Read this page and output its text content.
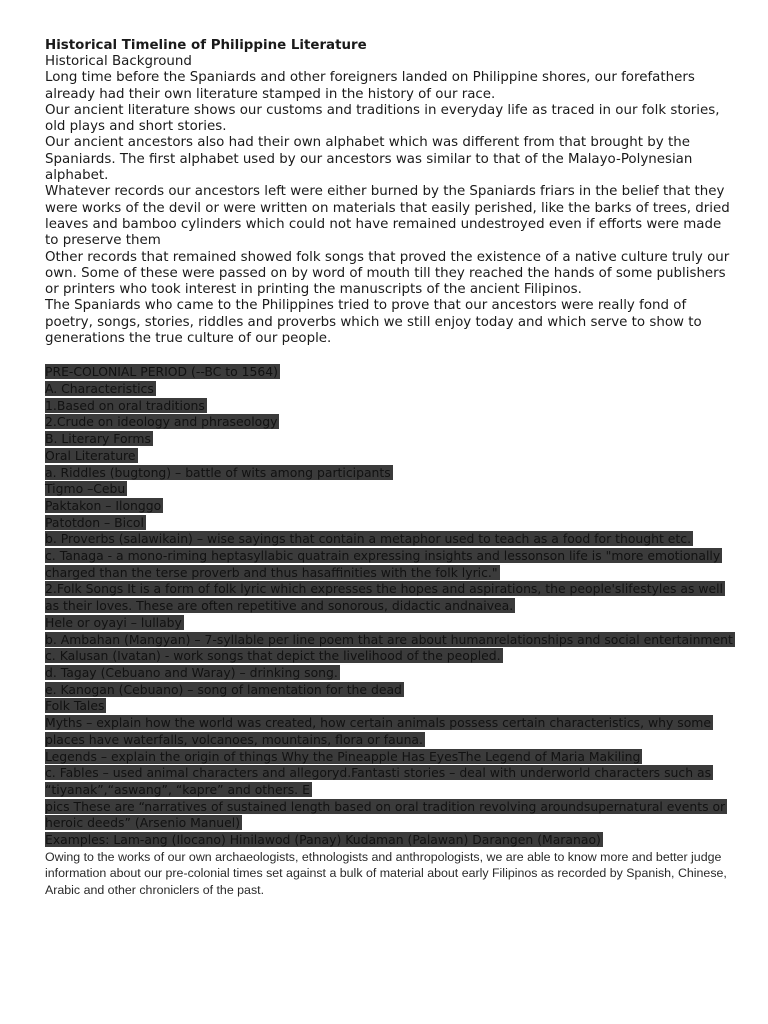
Historical Timeline of Philippine Literature

Historical Background

Long time before the Spaniards and other foreigners landed on Philippine shores, our forefathers already had their own literature stamped in the history of our race.

Our ancient literature shows our customs and traditions in everyday life as traced in our folk stories, old plays and short stories.

Our ancient ancestors also had their own alphabet which was different from that brought by the Spaniards. The first alphabet used by our ancestors was similar to that of the Malayo-Polynesian alphabet.

Whatever records our ancestors left were either burned by the Spaniards friars in the belief that they were works of the devil or were written on materials that easily perished, like the barks of trees, dried leaves and bamboo cylinders which could not have remained undestroyed even if efforts were made to preserve them

Other records that remained showed folk songs that proved the existence of a native culture truly our own. Some of these were passed on by word of mouth till they reached the hands of some publishers or printers who took interest in printing the manuscripts of the ancient Filipinos.

The Spaniards who came to the Philippines tried to prove that our ancestors were really fond of poetry, songs, stories, riddles and proverbs which we still enjoy today and which serve to show to generations the true culture of our people.

PRE-COLONIAL PERIOD (--BC to 1564)

A. Characteristics

1.Based on oral traditions

2.Crude on ideology and phraseology

B. Literary Forms

Oral Literature

a. Riddles (bugtong) – battle of wits among participants

Tigmo –Cebu

Paktakon – Ilonggo

Patotdon – Bicol

b. Proverbs (salawikain) – wise sayings that contain a metaphor used to teach as a food for thought etc.

c. Tanaga - a mono-riming heptasyllabic quatrain expressing insights and lessonson life is "more emotionally charged than the terse proverb and thus hasaffinities with the folk lyric."

2.Folk Songs It is a form of folk lyric which expresses the hopes and aspirations, the people'slifestyles as well as their loves. These are often repetitive and sonorous, didactic andnaivea.

Hele or oyayi – lullaby

b. Ambahan (Mangyan) – 7-syllable per line poem that are about humanrelationships and social entertainment

c. Kalusan (Ivatan) - work songs that depict the livelihood of the peopled.

d. Tagay (Cebuano and Waray) – drinking song.

e. Kanogan (Cebuano) – song of lamentation for the dead

Folk Tales

Myths – explain how the world was created, how certain animals possess certain characteristics, why some places have waterfalls, volcanoes, mountains, flora or fauna.

Legends – explain the origin of things Why the Pineapple Has EyesThe Legend of Maria Makiling

c. Fables – used animal characters and allegoryd.Fantasti stories – deal with underworld characters such as “tiyanak”,“aswang”, “kapre” and others. E

pics These are “narratives of sustained length based on oral tradition revolving aroundsupernatural events or heroic deeds” (Arsenio Manuel)

Examples: Lam-ang (Ilocano) Hinilawod (Panay) Kudaman (Palawan) Darangen (Maranao)

Owing to the works of our own archaeologists, ethnologists and anthropologists, we are able to know more and better judge information about our pre-colonial times set against a bulk of material about early Filipinos as recorded by Spanish, Chinese, Arabic and other chroniclers of the past.
